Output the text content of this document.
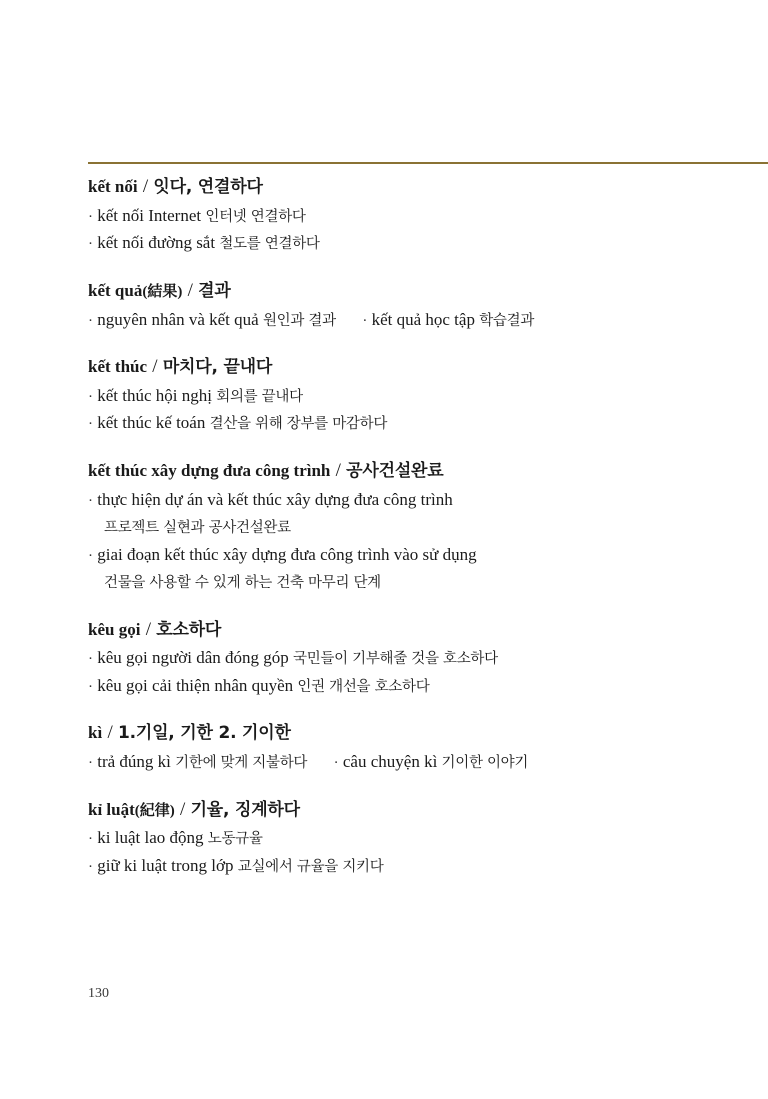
kết nối / 잇다, 연결하다
· kết nối Internet 인터넷 연결하다
· kết nối đường sắt 철도를 연결하다
kết quả(結果) / 결과
· nguyên nhân và kết quả 원인과 결과 · kết quả học tập 학습결과
kết thúc / 마치다, 끝내다
· kết thúc hội nghị 회의를 끝내다
· kết thúc kế toán 결산을 위해 장부를 마감하다
kết thúc xây dựng đưa công trình / 공사건설완료
· thực hiện dự án và kết thúc xây dựng đưa công trình
프로젝트 실현과 공사건설완료
· giai đoạn kết thúc xây dựng đưa công trình vào sử dụng
건물을 사용할 수 있게 하는 건축 마무리 단계
kêu gọi / 호소하다
· kêu gọi người dân đóng góp 국민들이 기부해줄 것을 호소하다
· kêu gọi cải thiện nhân quyền 인권 개선을 호소하다
kì / 1.기일, 기한 2. 기이한
· trả đúng kì 기한에 맞게 지불하다 · câu chuyện kì 기이한 이야기
kỉ luật(紀律) / 기율, 징계하다
· ki luật lao động 노동규율
· giữ ki luật trong lớp 교실에서 규율을 지키다
130
